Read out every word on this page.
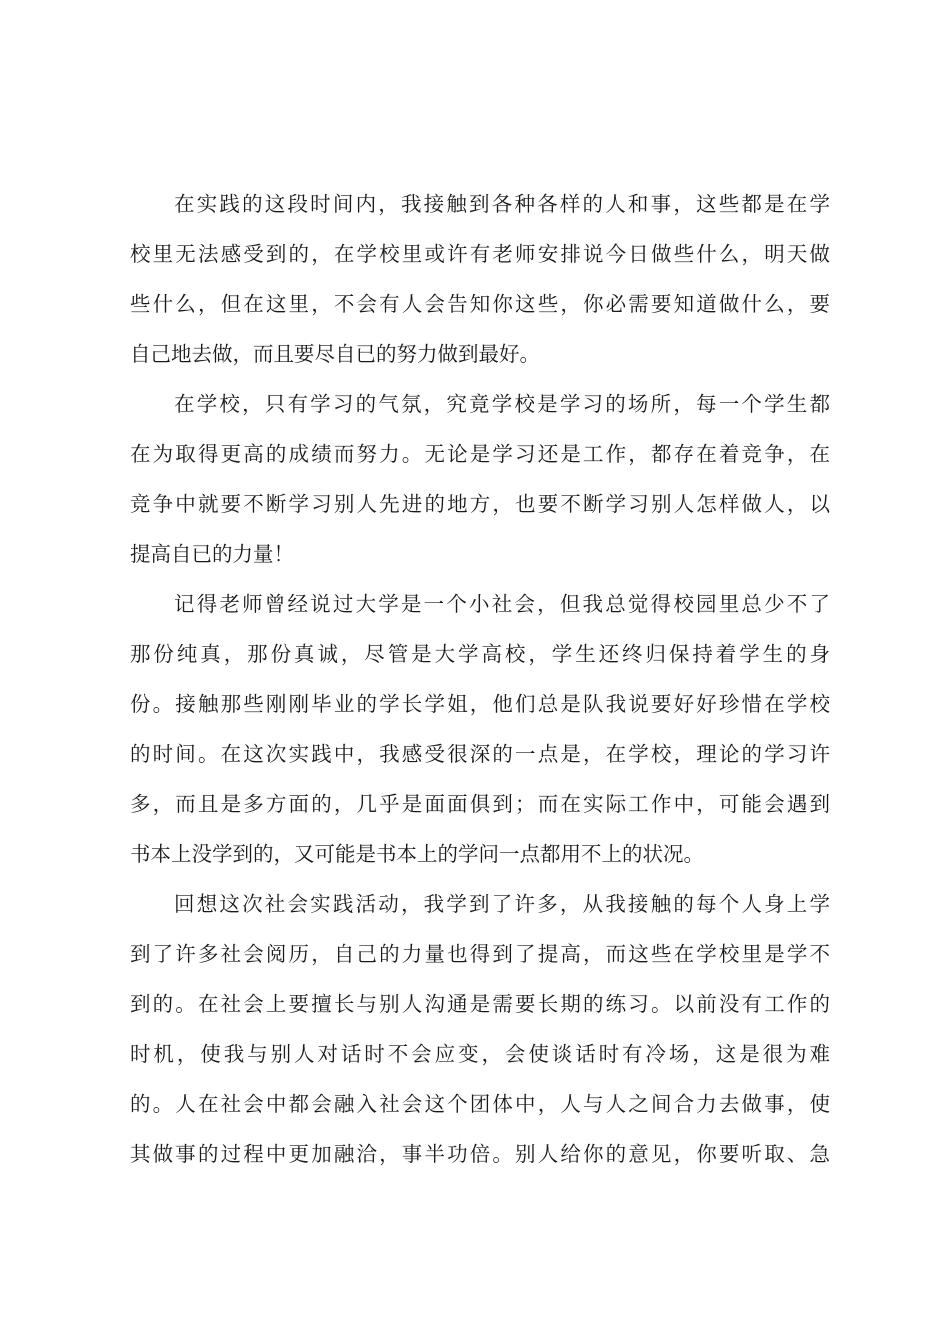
在实践的这段时间内，我接触到各种各样的人和事，这些都是在学
校里无法感受到的，在学校里或许有老师安排说今日做些什么，明天做
些什么，但在这里，不会有人会告知你这些，你必需要知道做什么，要
自己地去做，而且要尽自已的努力做到最好。
在学校，只有学习的气氛，究竟学校是学习的场所，每一个学生都
在为取得更高的成绩而努力。无论是学习还是工作，都存在着竞争，在
竞争中就要不断学习别人先进的地方，也要不断学习别人怎样做人，以
提高自已的力量！
记得老师曾经说过大学是一个小社会，但我总觉得校园里总少不了
那份纯真，那份真诚，尽管是大学高校，学生还终归保持着学生的身
份。接触那些刚刚毕业的学长学姐，他们总是队我说要好好珍惜在学校
的时间。在这次实践中，我感受很深的一点是，在学校，理论的学习许
多，而且是多方面的，几乎是面面俱到；而在实际工作中，可能会遇到
书本上没学到的，又可能是书本上的学问一点都用不上的状况。
回想这次社会实践活动，我学到了许多，从我接触的每个人身上学
到了许多社会阅历，自己的力量也得到了提高，而这些在学校里是学不
到的。在社会上要擅长与别人沟通是需要长期的练习。以前没有工作的
时机，使我与别人对话时不会应变，会使谈话时有冷场，这是很为难
的。人在社会中都会融入社会这个团体中，人与人之间合力去做事，使
其做事的过程中更加融洽，事半功倍。别人给你的意见，你要听取、急
